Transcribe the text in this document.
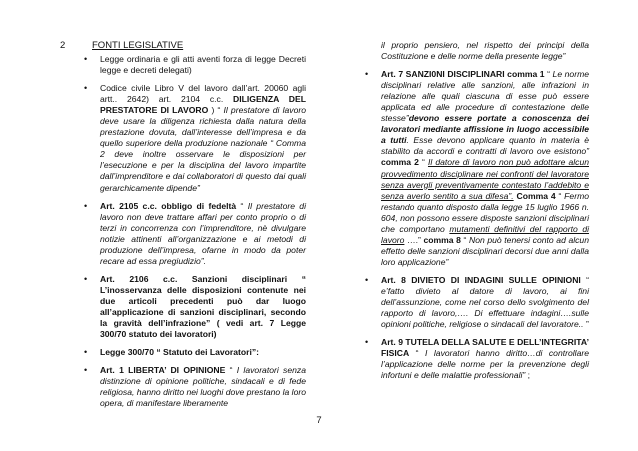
2	FONTI LEGISLATIVE
• Legge ordinaria e gli atti aventi forza di legge Decreti legge e decreti delegati)
• Codice civile Libro V del lavoro dall’art. 20060 agli artt.. 2642) art. 2104 c.c. DILIGENZA DEL PRESTATORE DI LAVORO ) “ Il prestatore di lavoro deve usare la diligenza richiesta dalla natura della prestazione dovuta, dall’interesse dell’impresa e da quello superiore della produzione nazionale “ Comma 2 deve inoltre osservare le disposizioni per l’esecuzione e per la disciplina del lavoro impartite dall’imprenditore e dai collaboratori di questo dai quali gerarchicamente dipende”
• Art. 2105 c.c. obbligo di fedeltà “ Il prestatore di lavoro non deve trattare affari per conto proprio o di terzi in concorrenza con l’imprenditore, nè divulgare notizie attinenti all’organizzazione e ai metodi di produzione dell’impresa, ofarne in modo da poter recare ad essa pregiudizio”.
• Art. 2106 c.c. Sanzioni disciplinari “ L’inosservanza delle disposizioni contenute nei due articoli precedenti può dar luogo all’applicazione di sanzioni disciplinari, secondo la gravità dell’infrazione” ( vedi art. 7 Legge 300/70 statuto dei lavoratori)
• Legge 300/70 “ Statuto dei Lavoratori”:
• Art. 1 LIBERTA’ DI OPINIONE “ I lavoratori senza distinzione di opinione politiche, sindacali e di fede religiosa, hanno diritto nei luoghi dove prestano la loro opera, di manifestare liberamente
il proprio pensiero, nel rispetto dei principi della Costituzione e delle norme della presente legge”
• Art. 7 SANZI0NI DISCIPLINARI comma 1 “ Le norme disciplinari relative alle sanzioni, alle infrazioni in relazione alle quali ciascuna di esse può essere applicata ed alle procedure di contestazione delle stesse”devono essere portate a conoscenza dei lavoratori mediante affissione in luogo accessibile a tutti. Esse devono applicare quanto in materia è stabilito da accordi e contratti di lavoro ove esistono” comma 2 “ Il datore di lavoro non può adottare alcun provvedimento disciplinare nei confronti del lavoratore senza avergli preventivamente contestato l’addebito e senza averlo sentito a sua difesa”. Comma 4 “ Fermo restando quanto disposto dalla legge 15 luglio 1966 n. 604, non possono essere disposte sanzioni disciplinari che comportano mutamenti definitivi del rapporto di lavoro ….” comma 8 “ Non può tenersi conto ad alcun effetto delle sanzioni disciplinari decorsi due anni dalla loro applicazione”
• Art. 8 DIVIETO DI INDAGINI SULLE OPINIONI “ e’fatto divieto al datore di lavoro, ai fini dell’assunzione, come nel corso dello svolgimento del rapporto di lavoro,…. Di effettuare indagini….sulle opinioni politiche, religiose o sindacali del lavoratore.. ”
• Art. 9 TUTELA DELLA SALUTE E DELL’INTEGRITA’ FISICA “ I lavoratori hanno diritto…di controllare l’applicazione delle norme per la prevenzione degli infortuni e delle malattie professionali” ;
7
